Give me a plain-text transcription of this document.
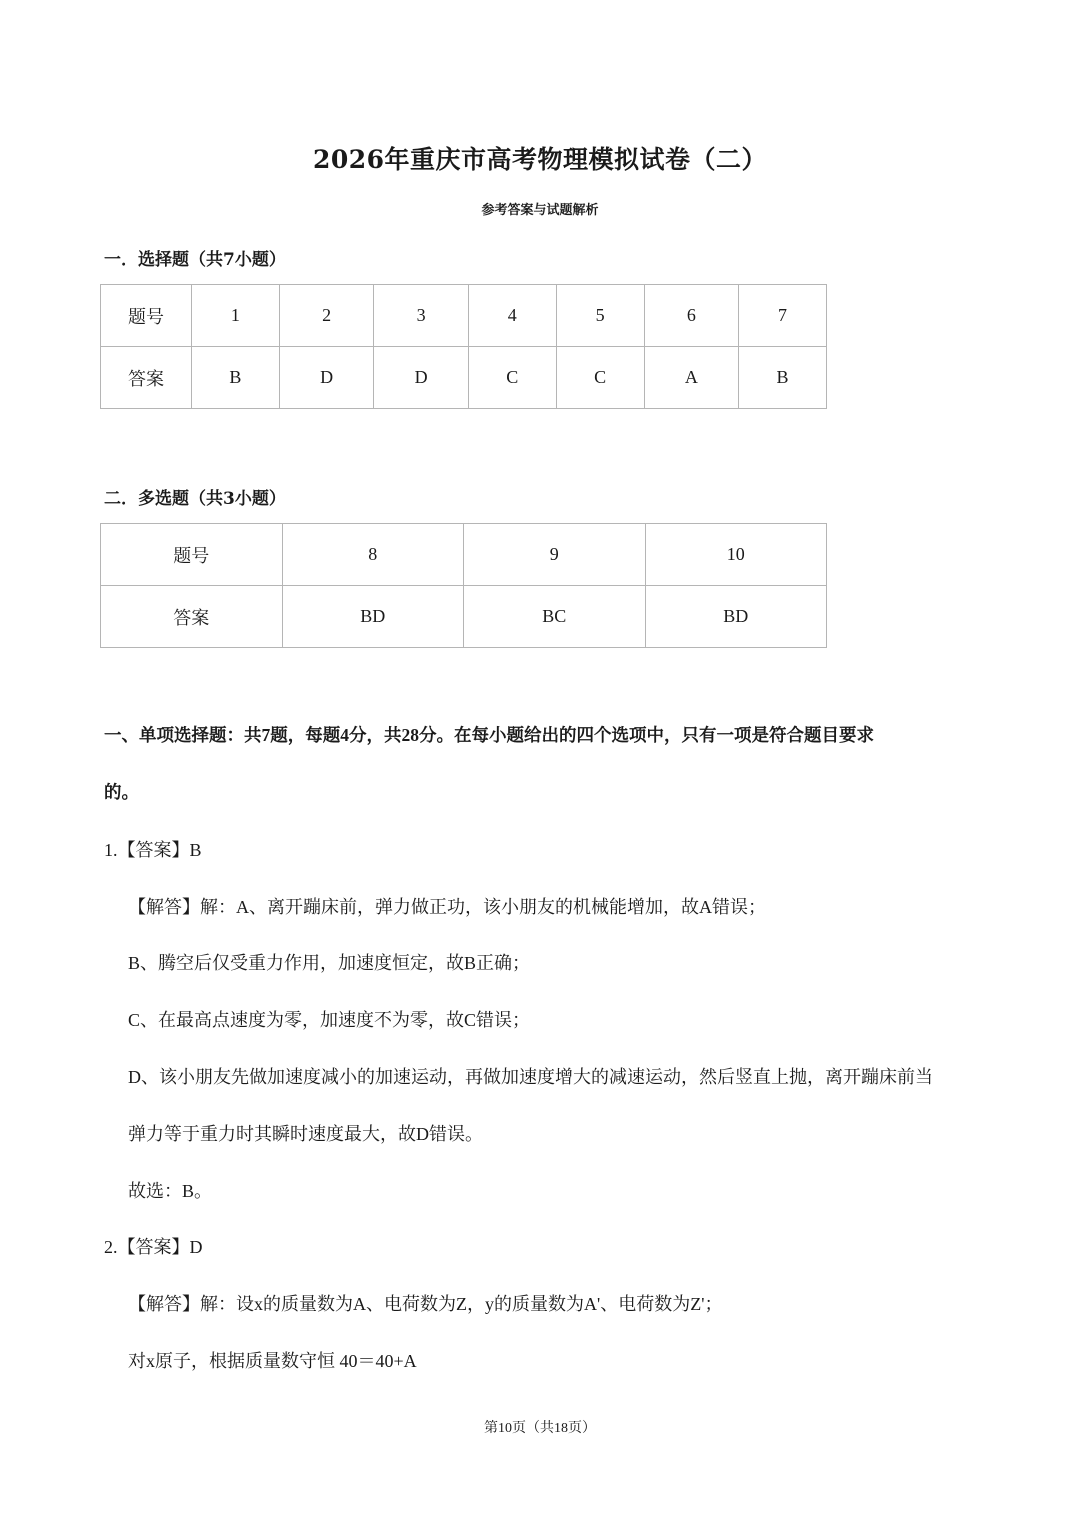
2026年重庆市高考物理模拟试卷（二）
参考答案与试题解析
一．选择题（共7小题）
题号	1	2	3	4	5	6	7
答案	B	D	D	C	C	A	B
二．多选题（共3小题）
题号	8	9	10
答案	BD	BC	BD
一、单项选择题：共7题，每题4分，共28分。在每小题给出的四个选项中，只有一项是符合题目要求
的。
1.【答案】B
【解答】解：A、离开蹦床前，弹力做正功，该小朋友的机械能增加，故A错误；
B、腾空后仅受重力作用，加速度恒定，故B正确；
C、在最高点速度为零，加速度不为零，故C错误；
D、该小朋友先做加速度减小的加速运动，再做加速度增大的减速运动，然后竖直上抛，离开蹦床前当
弹力等于重力时其瞬时速度最大，故D错误。
故选：B。
2.【答案】D
【解答】解：设x的质量数为A、电荷数为Z，y的质量数为A'、电荷数为Z'；
对x原子，根据质量数守恒 40＝40+A
第10页（共18页）
